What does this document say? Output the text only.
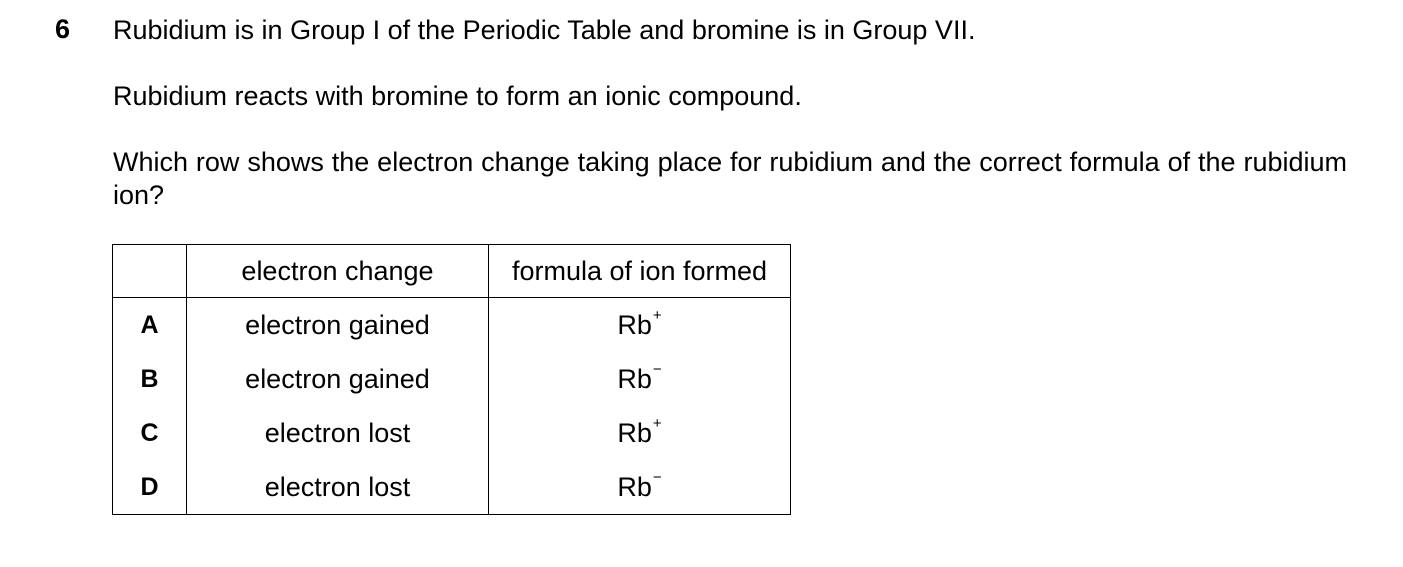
6 Rubidium is in Group I of the Periodic Table and bromine is in Group VII.
Rubidium reacts with bromine to form an ionic compound.
Which row shows the electron change taking place for rubidium and the correct formula of the rubidium ion?
	electron change	formula of ion formed
A	electron gained	Rb+
B	electron gained	Rb−
C	electron lost	Rb+
D	electron lost	Rb−
